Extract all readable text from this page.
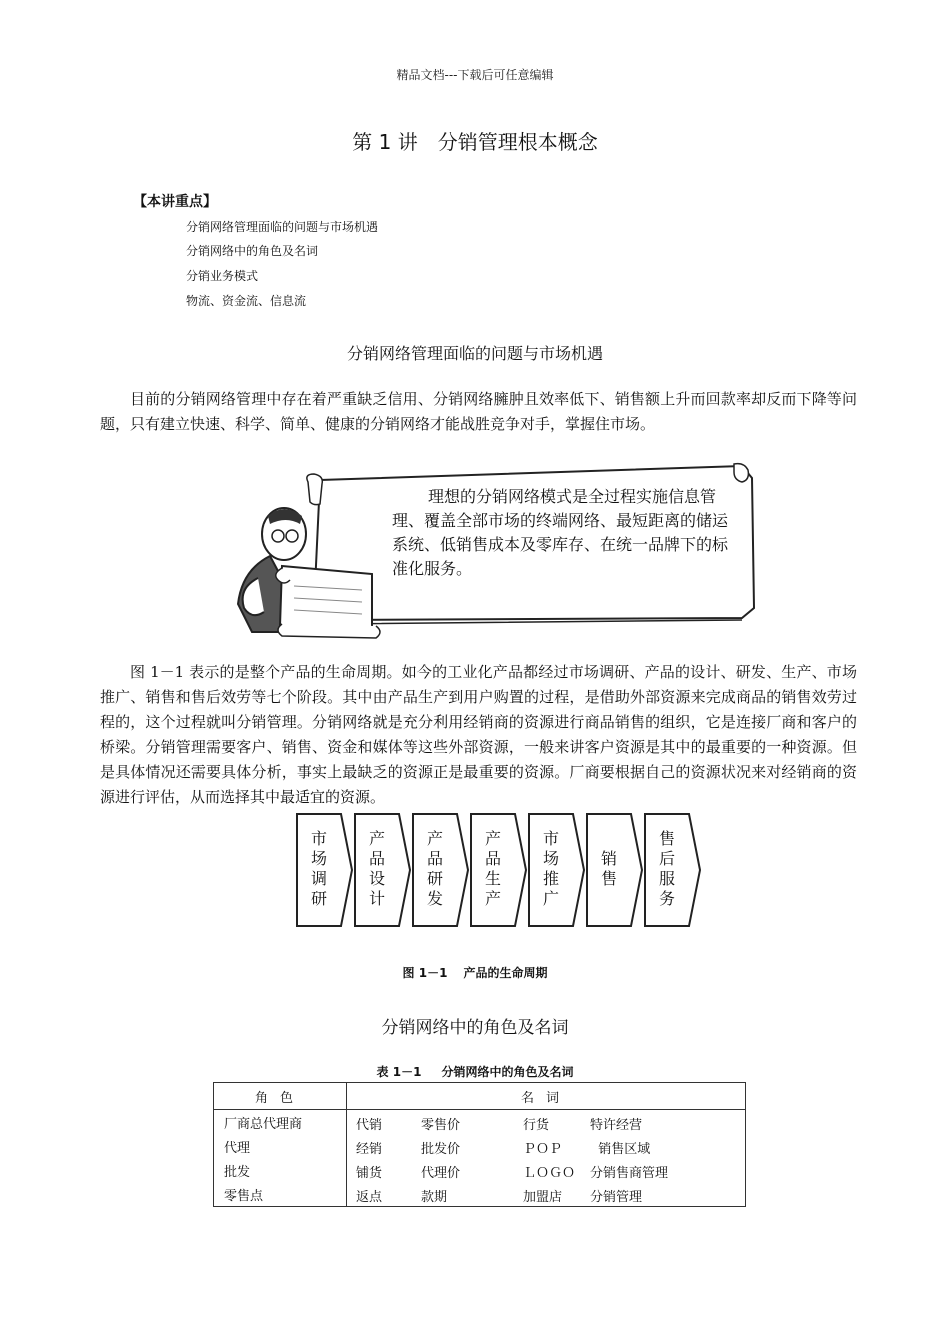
精品文档---下载后可任意编辑
第 1 讲 分销管理根本概念
【本讲重点】
分销网络管理面临的问题与市场机遇
分销网络中的角色及名词
分销业务模式
物流、资金流、信息流
分销网络管理面临的问题与市场机遇

目前的分销网络管理中存在着严重缺乏信用、分销网络臃肿且效率低下、销售额上升而回款率却反而下降等问题，只有建立快速、科学、简单、健康的分销网络才能战胜竞争对手，掌握住市场。

理想的分销网络模式是全过程实施信息管理、覆盖全部市场的终端网络、最短距离的储运系统、低销售成本及零库存、在统一品牌下的标准化服务。

图 1－1 表示的是整个产品的生命周期。如今的工业化产品都经过市场调研、产品的设计、研发、生产、市场推广、销售和售后效劳等七个阶段。其中由产品生产到用户购置的过程，是借助外部资源来完成商品的销售效劳过程的，这个过程就叫分销管理。分销网络就是充分利用经销商的资源进行商品销售的组织，它是连接厂商和客户的桥梁。分销管理需要客户、销售、资金和媒体等这些外部资源，一般来讲客户资源是其中的最重要的一种资源。但是具体情况还需要具体分析，事实上最缺乏的资源正是最重要的资源。厂商要根据自己的资源状况来对经销商的资源进行评估，从而选择其中最适宜的资源。

市场调研 产品设计 产品研发 产品生产 市场推广 销售 售后服务
图 1－1 产品的生命周期
分销网络中的角色及名词
表 1－1 分销网络中的角色及名词
角色	名词
厂商总代理商	代销 零售价 行货 特许经营

代理	经销 批发价 ＰＯＰ 销售区域

批发	铺货 代理价 ＬＯＧＯ 分销售商管理

零售点	返点 款期 加盟店 分销管理
